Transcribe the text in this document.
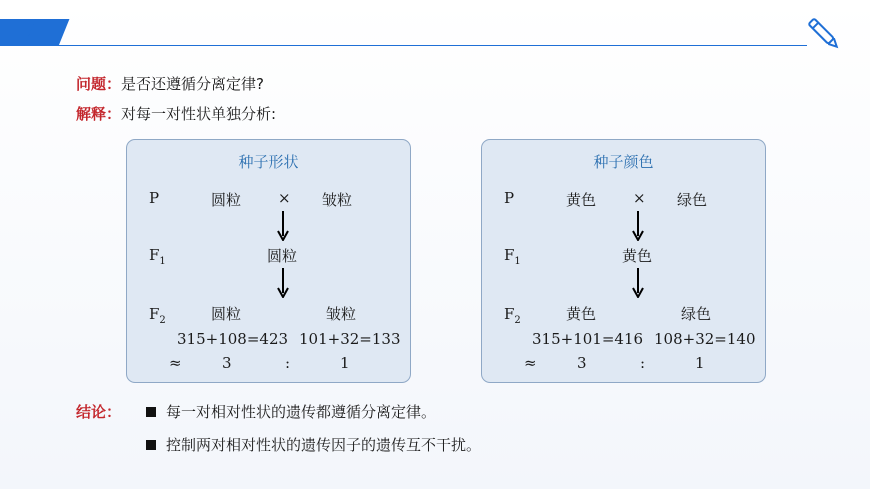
问题：是否还遵循分离定律?
解释：对每一对性状单独分析:
种子形状
P	圆粒 × 皱粒
$F_1$	圆粒
$F_2$	圆粒	皱粒
315+108=423 101+32=133
≈	3	:	1
种子颜色
P	黄色 × 绿色
$F_1$	黄色
$F_2$	黄色	绿色
315+101=416 108+32=140
≈	3	:	1
结论：	每一对相对性状的遗传都遵循分离定律。
控制两对相对性状的遗传因子的遗传互不干扰。
